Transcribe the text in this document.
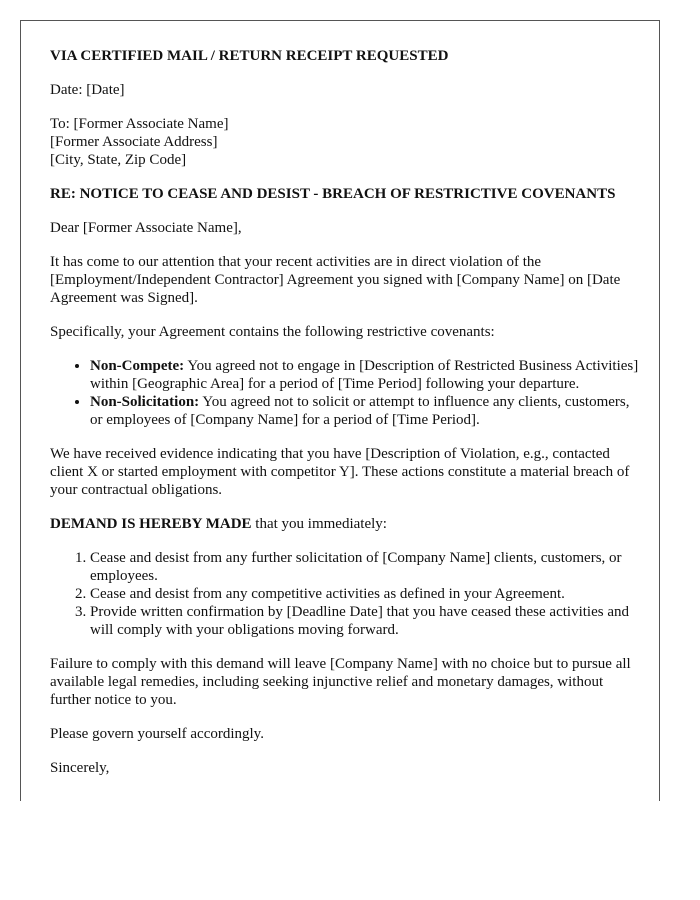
VIA CERTIFIED MAIL / RETURN RECEIPT REQUESTED

Date: [Date]

To: [Former Associate Name]
[Former Associate Address]
[City, State, Zip Code]

RE: NOTICE TO CEASE AND DESIST - BREACH OF RESTRICTIVE COVENANTS

Dear [Former Associate Name],

It has come to our attention that your recent activities are in direct violation of the [Employment/Independent Contractor] Agreement you signed with [Company Name] on [Date Agreement was Signed].

Specifically, your Agreement contains the following restrictive covenants:

• Non-Compete: You agreed not to engage in [Description of Restricted Business Activities] within [Geographic Area] for a period of [Time Period] following your departure.
• Non-Solicitation: You agreed not to solicit or attempt to influence any clients, customers, or employees of [Company Name] for a period of [Time Period].

We have received evidence indicating that you have [Description of Violation, e.g., contacted client X or started employment with competitor Y]. These actions constitute a material breach of your contractual obligations.

DEMAND IS HEREBY MADE that you immediately:

1. Cease and desist from any further solicitation of [Company Name] clients, customers, or employees.
2. Cease and desist from any competitive activities as defined in your Agreement.
3. Provide written confirmation by [Deadline Date] that you have ceased these activities and will comply with your obligations moving forward.

Failure to comply with this demand will leave [Company Name] with no choice but to pursue all available legal remedies, including seeking injunctive relief and monetary damages, without further notice to you.

Please govern yourself accordingly.

Sincerely,
